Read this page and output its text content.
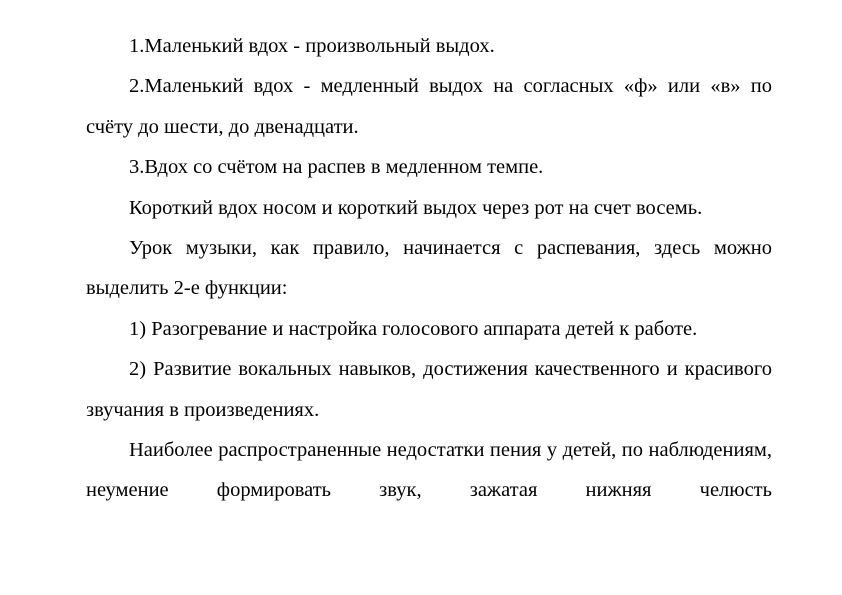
1.Маленький вдох - произвольный выдох.

2.Маленький вдох - медленный выдох на согласных «ф» или «в» по счёту до шести, до двенадцати.

3.Вдох со счётом на распев в медленном темпе.

Короткий вдох носом и короткий выдох через рот на счет восемь.

Урок музыки, как правило, начинается с распевания, здесь можно выделить 2-е функции:

1) Разогревание и настройка голосового аппарата детей к работе.

2) Развитие вокальных навыков, достижения качественного и красивого звучания в произведениях.

Наиболее распространенные недостатки пения у детей, по наблюдениям, неумение формировать звук, зажатая нижняя челюсть
